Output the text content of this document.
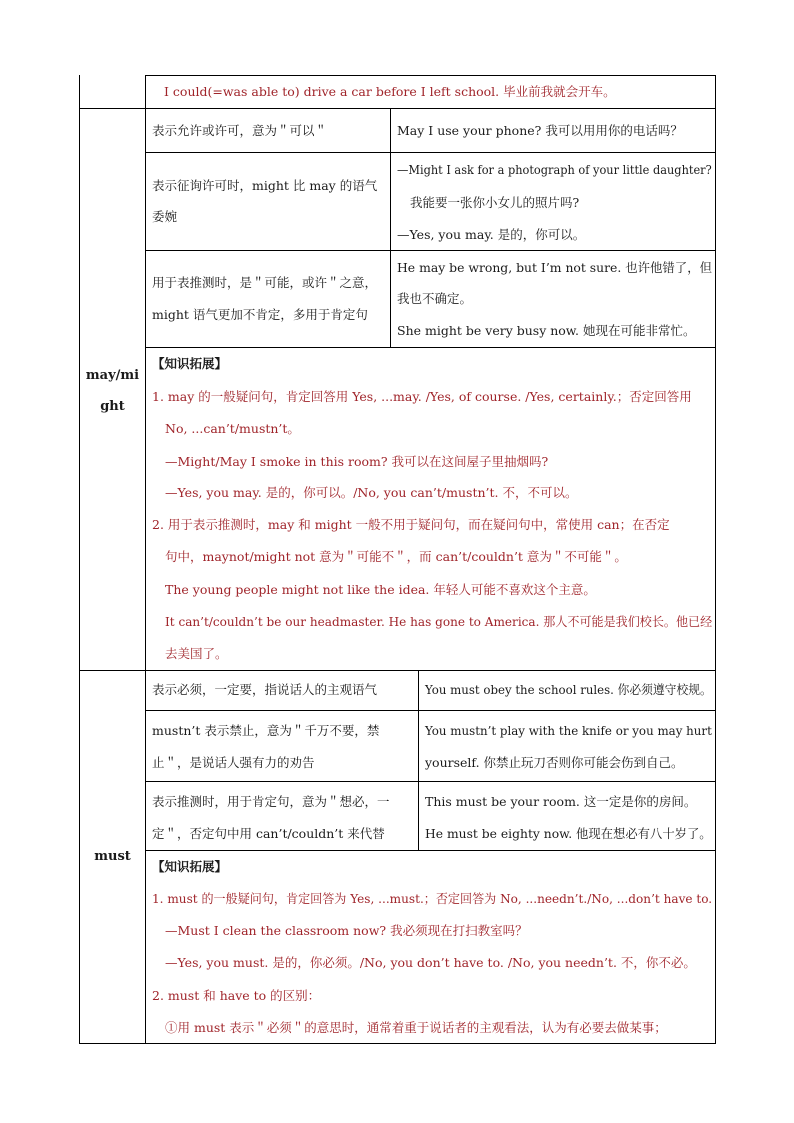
I could(=was able to) drive a car before I left school. 毕业前我就会开车。
may/mi
ght
表示允许或许可，意为＂可以＂	May I use your phone? 我可以用用你的电话吗？
表示征询许可时，might 比 may 的语气
委婉
—Might I ask for a photograph of your little daughter?
我能要一张你小女儿的照片吗?
—Yes, you may. 是的，你可以。
用于表推测时，是＂可能，或许＂之意，
might 语气更加不肯定，多用于肯定句
He may be wrong, but I’m not sure. 也许他错了，但
我也不确定。
She might be very busy now. 她现在可能非常忙。
【知识拓展】
1. may 的一般疑问句，肯定回答用 Yes, ...may. /Yes, of course. /Yes, certainly.；否定回答用
No, ...can’t/mustn’t。
—Might/May I smoke in this room? 我可以在这间屋子里抽烟吗?
—Yes, you may. 是的，你可以。/No, you can’t/mustn’t. 不，不可以。
2. 用于表示推测时，may 和 might 一般不用于疑问句，而在疑问句中，常使用 can；在否定
句中，maynot/might not 意为＂可能不＂，而 can’t/couldn’t 意为＂不可能＂。
The young people might not like the idea. 年轻人可能不喜欢这个主意。
It can’t/couldn’t be our headmaster. He has gone to America. 那人不可能是我们校长。他已经
去美国了。
must
表示必须，一定要，指说话人的主观语气	You must obey the school rules. 你必须遵守校规。
mustn’t 表示禁止，意为＂千万不要，禁
止＂，是说话人强有力的劝告
You mustn’t play with the knife or you may hurt
yourself. 你禁止玩刀否则你可能会伤到自己。
表示推测时，用于肯定句，意为＂想必，一
定＂，否定句中用 can’t/couldn’t 来代替
This must be your room. 这一定是你的房间。
He must be eighty now. 他现在想必有八十岁了。
【知识拓展】
1. must 的一般疑问句，肯定回答为 Yes, ...must.；否定回答为 No, ...needn’t./No, ...don’t have to.
—Must I clean the classroom now? 我必须现在打扫教室吗？
—Yes, you must. 是的，你必须。/No, you don’t have to. /No, you needn’t. 不，你不必。
2. must 和 have to 的区别：
①用 must 表示＂必须＂的意思时，通常着重于说话者的主观看法，认为有必要去做某事；
